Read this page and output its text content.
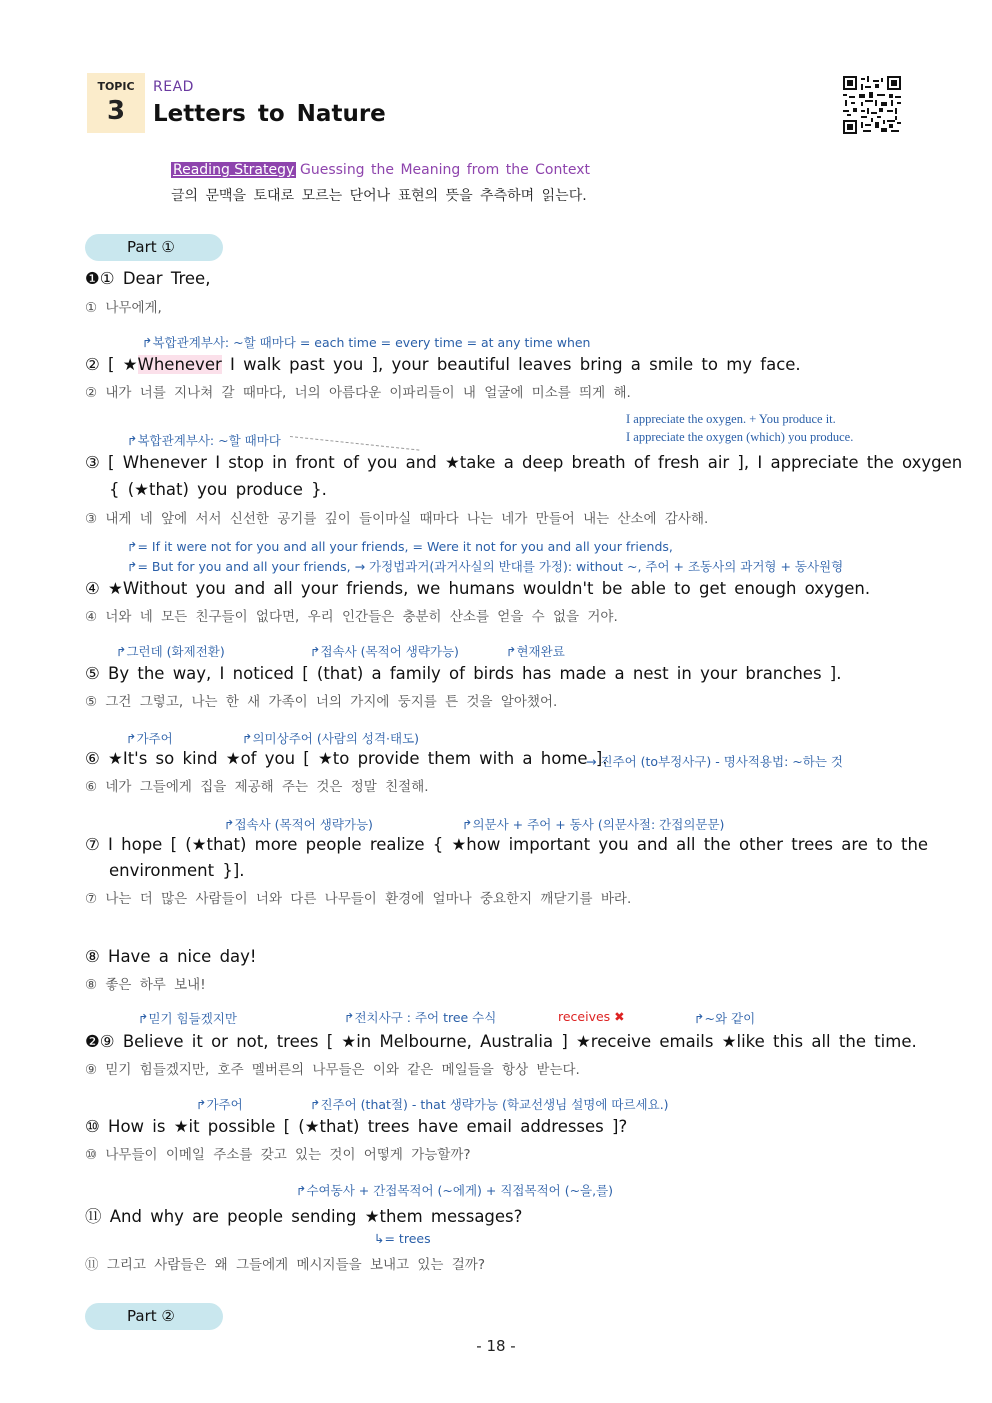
TOPIC
3
READ
Letters to Nature
Reading Strategy Guessing the Meaning from the Context
글의 문맥을 토대로 모르는 단어나 표현의 뜻을 추측하며 읽는다.
Part ①
❶① Dear Tree,
① 나무에게,
↱복합관계부사: ~할 때마다 = each time = every time = at any time when
② [ ★Whenever I walk past you ], your beautiful leaves bring a smile to my face.
② 내가 너를 지나쳐 갈 때마다, 너의 아름다운 이파리들이 내 얼굴에 미소를 띄게 해.
I appreciate the oxygen. + You produce it.
I appreciate the oxygen (which) you produce.
↱복합관계부사: ~할 때마다
③ [ Whenever I stop in front of you and ★take a deep breath of fresh air ], I appreciate the oxygen
{ (★that) you produce }.
③ 내게 네 앞에 서서 신선한 공기를 깊이 들이마실 때마다 나는 네가 만들어 내는 산소에 감사해.
↱= If it were not for you and all your friends, = Were it not for you and all your friends,
↱= But for you and all your friends, → 가정법과거(과거사실의 반대를 가정): without ~, 주어 + 조동사의 과거형 + 동사원형
④ ★Without you and all your friends, we humans wouldn't be able to get enough oxygen.
④ 너와 네 모든 친구들이 없다면, 우리 인간들은 충분히 산소를 얻을 수 없을 거야.
↱그런데 (화제전환)	↱접속사 (목적어 생략가능)	↱현재완료
⑤ By the way, I noticed [ (that) a family of birds has made a nest in your branches ].
⑤ 그건 그렇고, 나는 한 새 가족이 너의 가지에 둥지를 튼 것을 알아챘어.
↱가주어	↱의미상주어 (사람의 성격·태도)
⑥ ★It's so kind ★of you [ ★to provide them with a home ].
→ 진주어 (to부정사구) - 명사적용법: ~하는 것
⑥ 네가 그들에게 집을 제공해 주는 것은 정말 친절해.
↱접속사 (목적어 생략가능)	↱의문사 + 주어 + 동사 (의문사절: 간접의문문)
⑦ I hope [ (★that) more people realize { ★how important you and all the other trees are to the
environment }].
⑦ 나는 더 많은 사람들이 너와 다른 나무들이 환경에 얼마나 중요한지 깨닫기를 바라.
⑧ Have a nice day!
⑧ 좋은 하루 보내!
↱믿기 힘들겠지만	↱전치사구 : 주어 tree 수식	receives ✖	↱~와 같이
❷⑨ Believe it or not, trees [ ★in Melbourne, Australia ] ★receive emails ★like this all the time.
⑨ 믿기 힘들겠지만, 호주 멜버른의 나무들은 이와 같은 메일들을 항상 받는다.
↱가주어	↱진주어 (that절) - that 생략가능 (학교선생님 설명에 따르세요.)
⑩ How is ★it possible [ (★that) trees have email addresses ]?
⑩ 나무들이 이메일 주소를 갖고 있는 것이 어떻게 가능할까?
↱수여동사 + 간접목적어 (~에게) + 직접목적어 (~을,를)
⑪ And why are people sending ★them messages?
↳= trees
⑪ 그리고 사람들은 왜 그들에게 메시지들을 보내고 있는 걸까?
Part ②
- 18 -
